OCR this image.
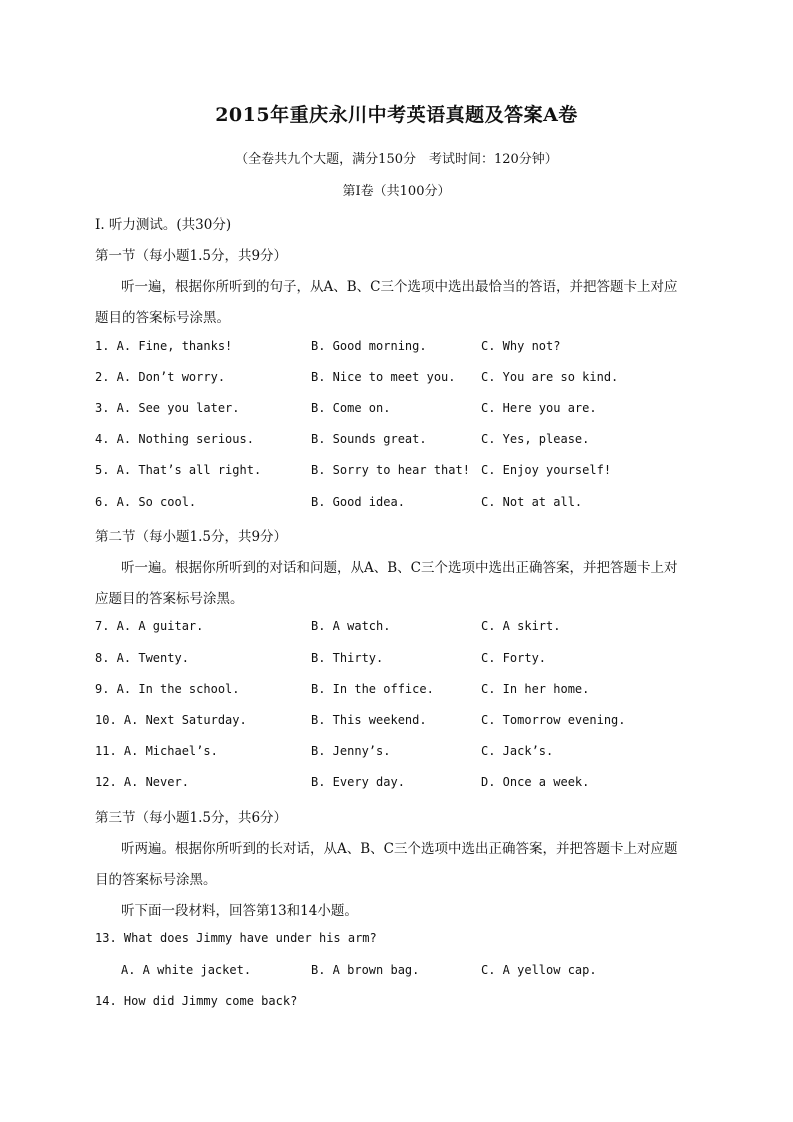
2015年重庆永川中考英语真题及答案A卷
（全卷共九个大题，满分150分　考试时间：120分钟）
第I卷（共100分）
I. 听力测试。(共30分)
第一节（每小题1.5分，共9分）
听一遍，根据你所听到的句子，从A、B、C三个选项中选出最恰当的答语，并把答题卡上对应
题目的答案标号涂黑。
1. A. Fine, thanks!	B. Good morning.	C. Why not?
2. A. Don’t worry.	B. Nice to meet you. C. You are so kind.
3. A. See you later.	B. Come on.	C. Here you are.
4. A. Nothing serious.	B. Sounds great.	C. Yes, please.
5. A. That’s all right.	B. Sorry to hear that! C. Enjoy yourself!
6. A. So cool.	B. Good idea.	C. Not at all.
第二节（每小题1.5分，共9分）
听一遍。根据你所听到的对话和问题，从A、B、C三个选项中选出正确答案，并把答题卡上对
应题目的答案标号涂黑。
7. A. A guitar.	B. A watch.	C. A skirt.
8. A. Twenty.	B. Thirty.	C. Forty.
9. A. In the school.	B. In the office.	C. In her home.
10. A. Next Saturday.	B. This weekend.	C. Tomorrow evening.
11. A. Michael’s.	B. Jenny’s.	C. Jack’s.
12. A. Never.	B. Every day.	D. Once a week.
第三节（每小题1.5分，共6分）
听两遍。根据你所听到的长对话，从A、B、C三个选项中选出正确答案，并把答题卡上对应题
目的答案标号涂黑。
听下面一段材料，回答第13和14小题。
13. What does Jimmy have under his arm?
A. A white jacket.	B. A brown bag.	C. A yellow cap.
14. How did Jimmy come back?
